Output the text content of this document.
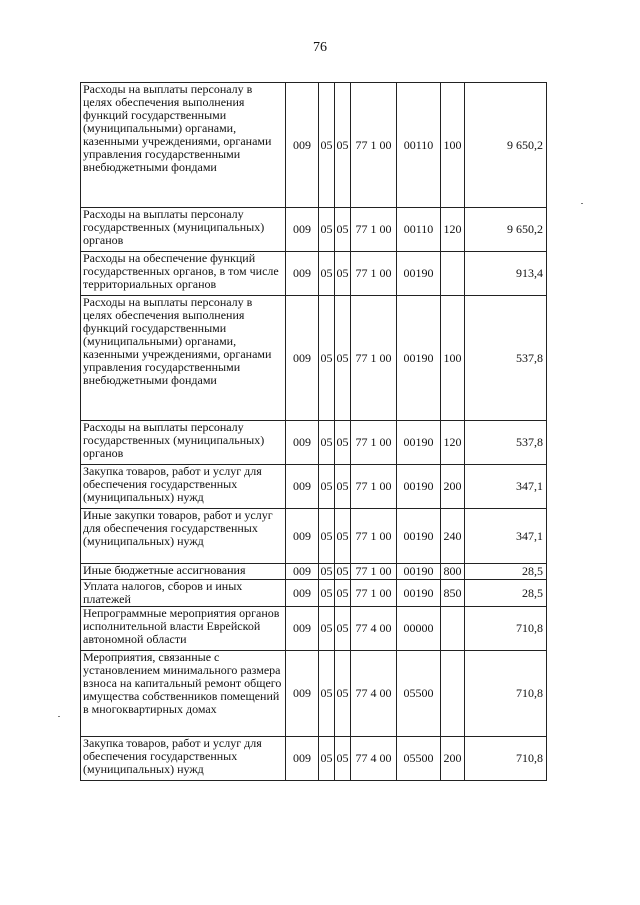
76
Расходы на выплаты персоналу в целях обеспечения выполнения функций государственными (муниципальными) органами, казенными учреждениями, органами управления государственными внебюджетными фондами	009	05	05	77 1 00	00110	100	9 650,2
Расходы на выплаты персоналу государственных (муниципальных) органов	009	05	05	77 1 00	00110	120	9 650,2
Расходы на обеспечение функций государственных органов, в том числе территориальных органов	009	05	05	77 1 00	00190		913,4
Расходы на выплаты персоналу в целях обеспечения выполнения функций государственными (муниципальными) органами, казенными учреждениями, органами управления государственными внебюджетными фондами	009	05	05	77 1 00	00190	100	537,8
Расходы на выплаты персоналу государственных (муниципальных) органов	009	05	05	77 1 00	00190	120	537,8
Закупка товаров, работ и услуг для обеспечения государственных (муниципальных) нужд	009	05	05	77 1 00	00190	200	347,1
Иные закупки товаров, работ и услуг для обеспечения государственных (муниципальных) нужд	009	05	05	77 1 00	00190	240	347,1
Иные бюджетные ассигнования	009	05	05	77 1 00	00190	800	28,5
Уплата налогов, сборов и иных платежей	009	05	05	77 1 00	00190	850	28,5
Непрограммные мероприятия органов исполнительной власти Еврейской автономной области	009	05	05	77 4 00	00000		710,8
Мероприятия, связанные с установлением минимального размера взноса на капитальный ремонт общего имущества собственников помещений в многоквартирных домах	009	05	05	77 4 00	05500		710,8
Закупка товаров, работ и услуг для обеспечения государственных (муниципальных) нужд	009	05	05	77 4 00	05500	200	710,8
